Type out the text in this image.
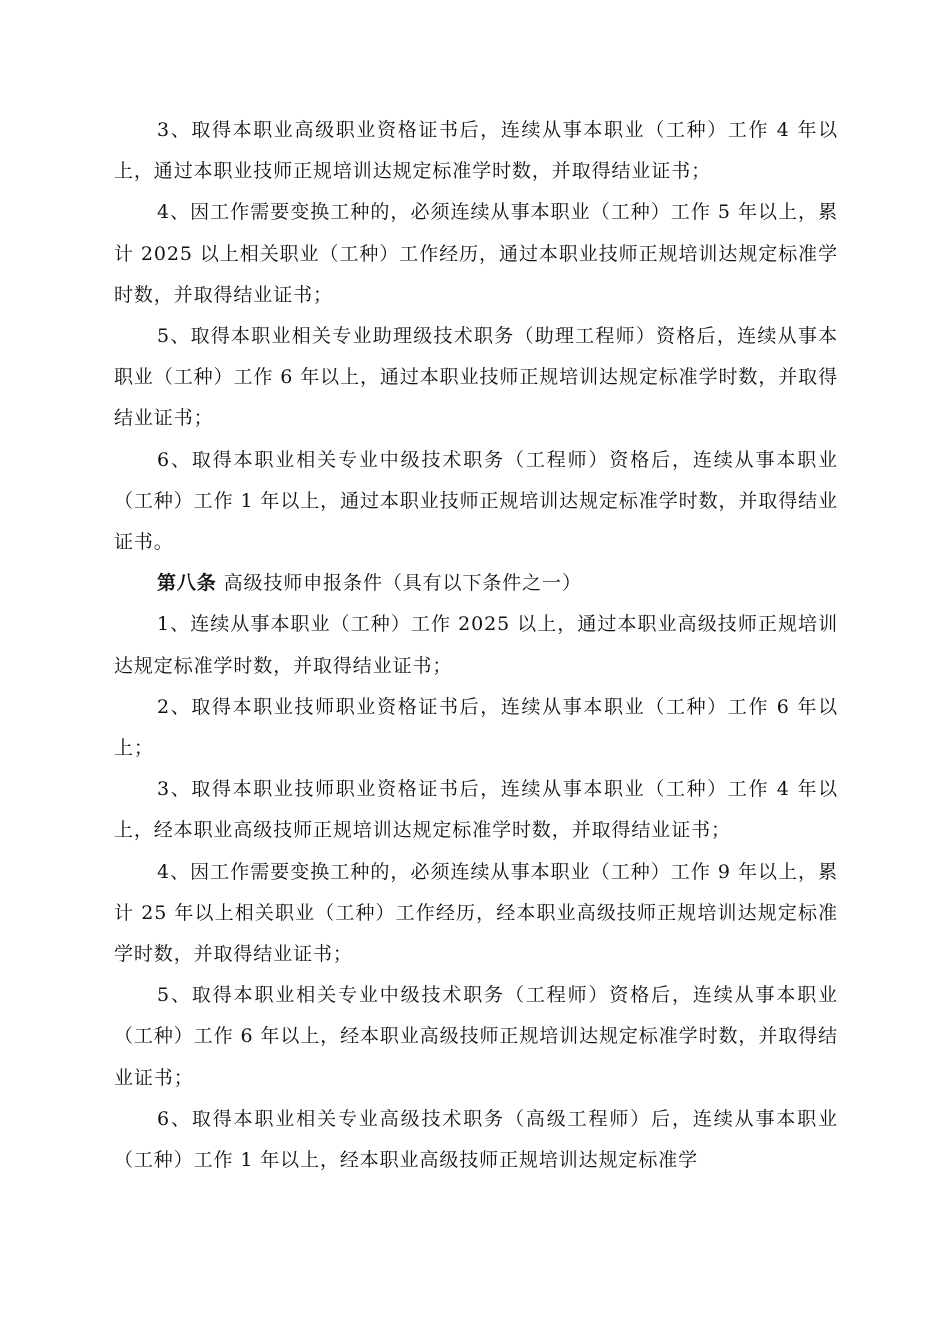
3、取得本职业高级职业资格证书后，连续从事本职业（工种）工作 4 年以上，通过本职业技师正规培训达规定标准学时数，并取得结业证书；

4、因工作需要变换工种的，必须连续从事本职业（工种）工作 5 年以上，累计 2025 以上相关职业（工种）工作经历，通过本职业技师正规培训达规定标准学时数，并取得结业证书；

5、取得本职业相关专业助理级技术职务（助理工程师）资格后，连续从事本职业（工种）工作 6 年以上，通过本职业技师正规培训达规定标准学时数，并取得结业证书；

6、取得本职业相关专业中级技术职务（工程师）资格后，连续从事本职业（工种）工作 1 年以上，通过本职业技师正规培训达规定标准学时数，并取得结业证书。

第八条 高级技师申报条件（具有以下条件之一）

1、连续从事本职业（工种）工作 2025 以上，通过本职业高级技师正规培训达规定标准学时数，并取得结业证书；

2、取得本职业技师职业资格证书后，连续从事本职业（工种）工作 6 年以上；

3、取得本职业技师职业资格证书后，连续从事本职业（工种）工作 4 年以上，经本职业高级技师正规培训达规定标准学时数，并取得结业证书；

4、因工作需要变换工种的，必须连续从事本职业（工种）工作 9 年以上，累计 25 年以上相关职业（工种）工作经历，经本职业高级技师正规培训达规定标准学时数，并取得结业证书；

5、取得本职业相关专业中级技术职务（工程师）资格后，连续从事本职业（工种）工作 6 年以上，经本职业高级技师正规培训达规定标准学时数，并取得结业证书；

6、取得本职业相关专业高级技术职务（高级工程师）后，连续从事本职业（工种）工作 1 年以上，经本职业高级技师正规培训达规定标准学
